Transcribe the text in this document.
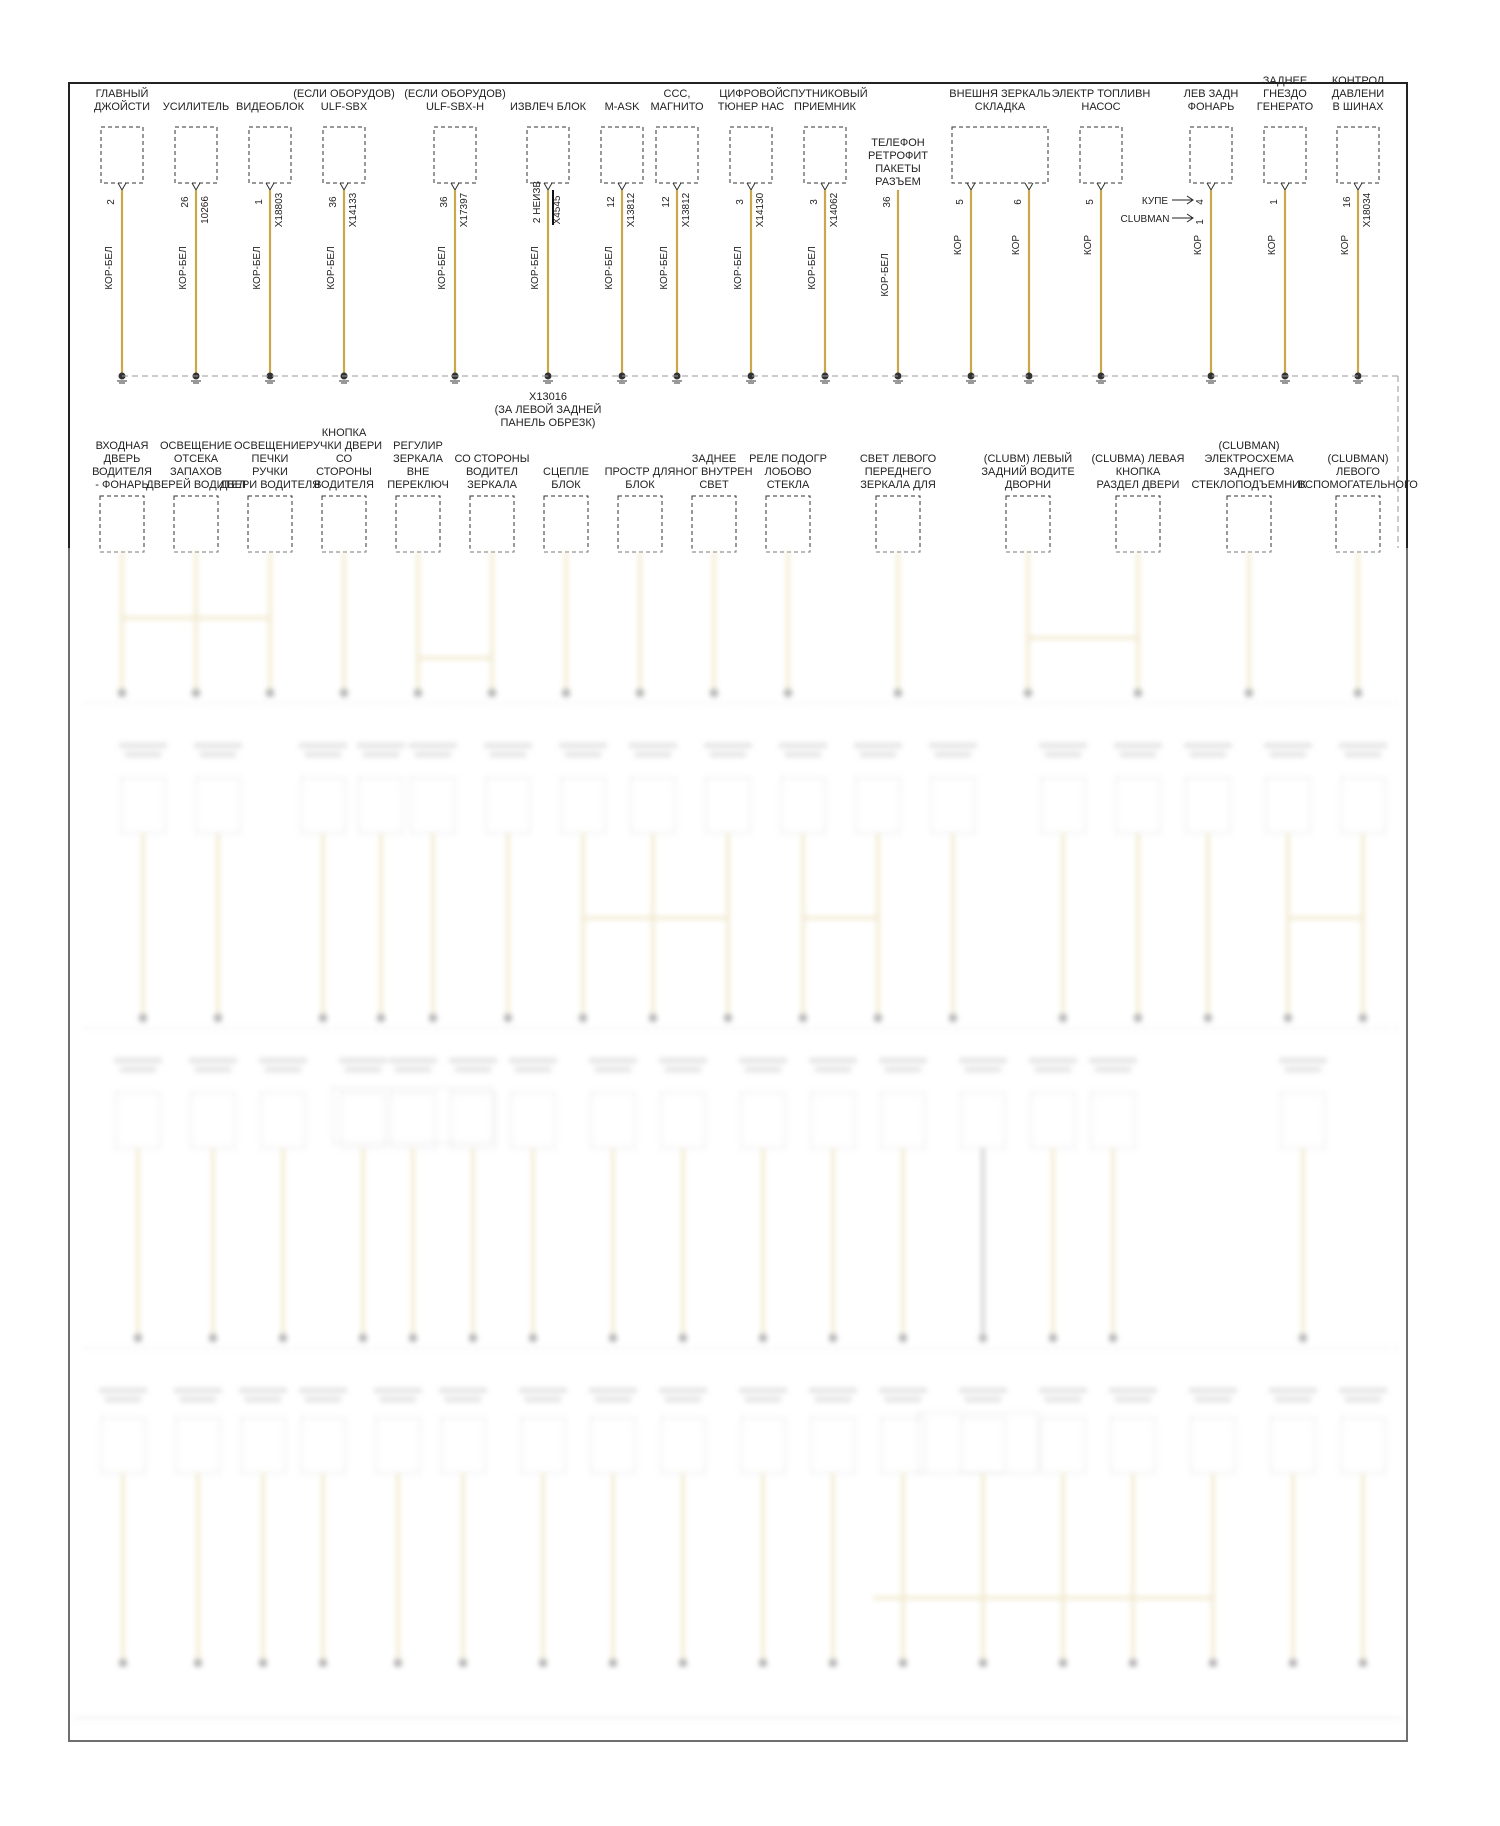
ГЛАВНЫЙ
ДЖОЙСТИ
2
КОР-БЕЛ
УСИЛИТЕЛЬ
26
КОР-БЕЛ
10266
ВИДЕОБЛОК
1
КОР-БЕЛ
X18803
(ЕСЛИ ОБОРУДОВ)
ULF-SBX
36
КОР-БЕЛ
X14133
(ЕСЛИ ОБОРУДОВ)
ULF-SBX-H
36
КОР-БЕЛ
X17397
ИЗВЛЕЧ БЛОК
2 НЕИЗВ
КОР-БЕЛ
X4545
M-ASK
12
КОР-БЕЛ
X13812
CCC,
МАГНИТО
12
КОР-БЕЛ
X13812
ЦИФРОВОЙ
ТЮНЕР НАС
3
КОР-БЕЛ
X14130
СПУТНИКОВЫЙ
ПРИЕМНИК
3
КОР-БЕЛ
X14062
ТЕЛЕФОН
РЕТРОФИТ
ПАКЕТЫ
РАЗЪЕМ
36
КОР-БЕЛ
ВНЕШНЯ ЗЕРКАЛЬ
СКЛАДКА
5
КОР
6
КОР
ЭЛЕКТР ТОПЛИВН
НАСОС
5
КОР
ЛЕВ ЗАДН
ФОНАРЬ
4
КОР
1
КУПЕ
CLUBMAN
ЗАДНЕЕ
ГНЕЗДО
ГЕНЕРАТО
1
КОР
КОНТРОЛ
ДАВЛЕНИ
В ШИНАХ
16
КОР
X18034
X13016
(ЗА ЛЕВОЙ ЗАДНЕЙ
ПАНЕЛЬ ОБРЕЗК)
ВХОДНАЯ
ДВЕРЬ
ВОДИТЕЛЯ
- ФОНАРЬ
ОСВЕЩЕНИЕ
ОТСЕКА
ЗАПАХОВ
ДВЕРЕЙ ВОДИТЕЛ
ОСВЕЩЕНИЕ
ПЕЧКИ
РУЧКИ
ДВЕРИ ВОДИТЕЛЯ
КНОПКА
РУЧКИ ДВЕРИ
СО
СТОРОНЫ
ВОДИТЕЛЯ
РЕГУЛИР
ЗЕРКАЛА
ВНЕ
ПЕРЕКЛЮЧ
СО СТОРОНЫ
ВОДИТЕЛ
ЗЕРКАЛА
СЦЕПЛЕ
БЛОК
ПРОСТР ДЛЯ
БЛОК
ЗАДНЕЕ
НОГ ВНУТРЕН
СВЕТ
РЕЛЕ ПОДОГР
ЛОБОВО
СТЕКЛА
СВЕТ ЛЕВОГО
ПЕРЕДНЕГО
ЗЕРКАЛА ДЛЯ
(CLUBM) ЛЕВЫЙ
ЗАДНИЙ ВОДИТЕ
ДВОРНИ
(CLUBMA) ЛЕВАЯ
КНОПКА
РАЗДЕЛ ДВЕРИ
(CLUBMAN)
ЭЛЕКТРОСХЕМА
ЗАДНЕГО
СТЕКЛОПОДЪЕМНИК
(CLUBMAN)
ЛЕВОГО
ВСПОМОГАТЕЛЬНОГО
